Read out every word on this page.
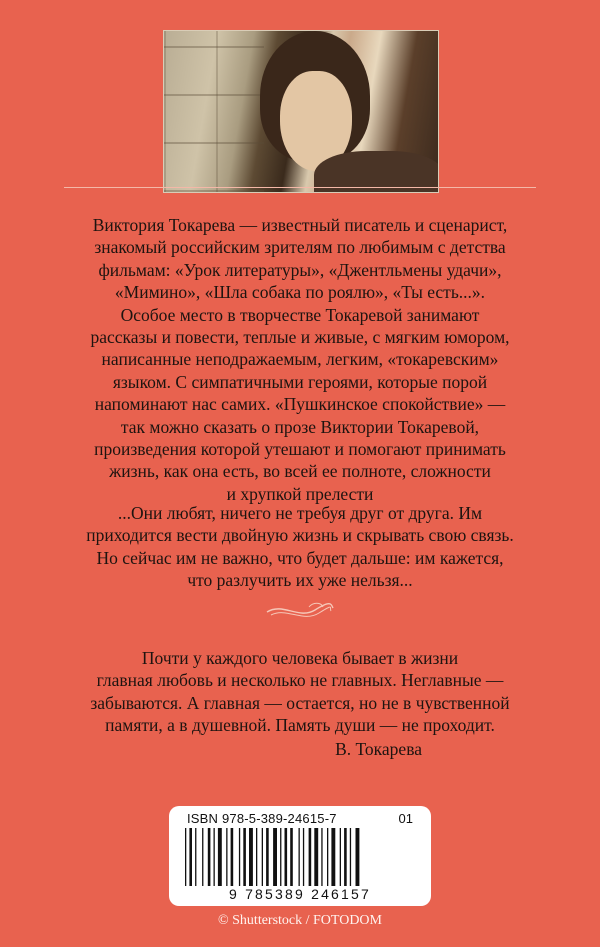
Виктория Токарева — известный писатель и сценарист,

знакомый российским зрителям по любимым с детства

фильмам: «Урок литературы», «Джентльмены удачи»,

«Мимино», «Шла собака по роялю», «Ты есть...».

Особое место в творчестве Токаревой занимают

рассказы и повести, теплые и живые, с мягким юмором,

написанные неподражаемым, легким, «токаревским»

языком. С симпатичными героями, которые порой

напоминают нас самих. «Пушкинское спокойствие» —

так можно сказать о прозе Виктории Токаревой,

произведения которой утешают и помогают принимать

жизнь, как она есть, во всей ее полноте, сложности

и хрупкой прелести

...Они любят, ничего не требуя друг от друга. Им

приходится вести двойную жизнь и скрывать свою связь.

Но сейчас им не важно, что будет дальше: им кажется,

что разлучить их уже нельзя...

Почти у каждого человека бывает в жизни

главная любовь и несколько не главных. Неглавные —

забываются. А главная — остается, но не в чувственной

памяти, а в душевной. Память души — не проходит.

В. Токарева
ISBN 978-5-389-24615-7	01
9 785389 246157
© Shutterstock / FOTODOM
